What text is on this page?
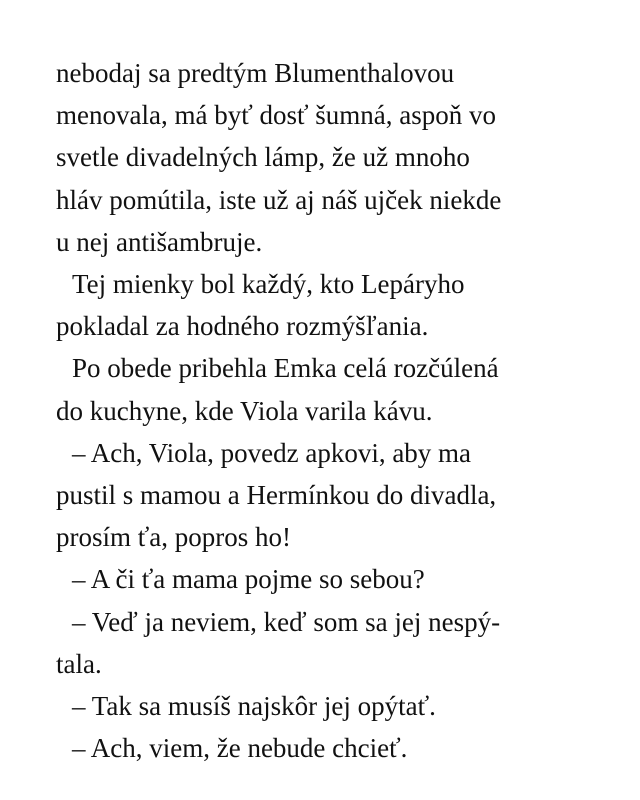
nebodaj sa predtým Blumenthalovou
menovala, má byť dosť šumná, aspoň vo
svetle divadelných lámp, že už mnoho
hláv pomútila, iste už aj náš ujček niekde
u nej antišambruje.
Tej mienky bol každý, kto Lepáryho
pokladal za hodného rozmýšľania.
Po obede pribehla Emka celá rozčúlená
do kuchyne, kde Viola varila kávu.
– Ach, Viola, povedz apkovi, aby ma
pustil s mamou a Hermínkou do divadla,
prosím ťa, popros ho!
– A či ťa mama pojme so sebou?
– Veď ja neviem, keď som sa jej nespý-
tala.
– Tak sa musíš najskôr jej opýtať.
– Ach, viem, že nebude chcieť.
